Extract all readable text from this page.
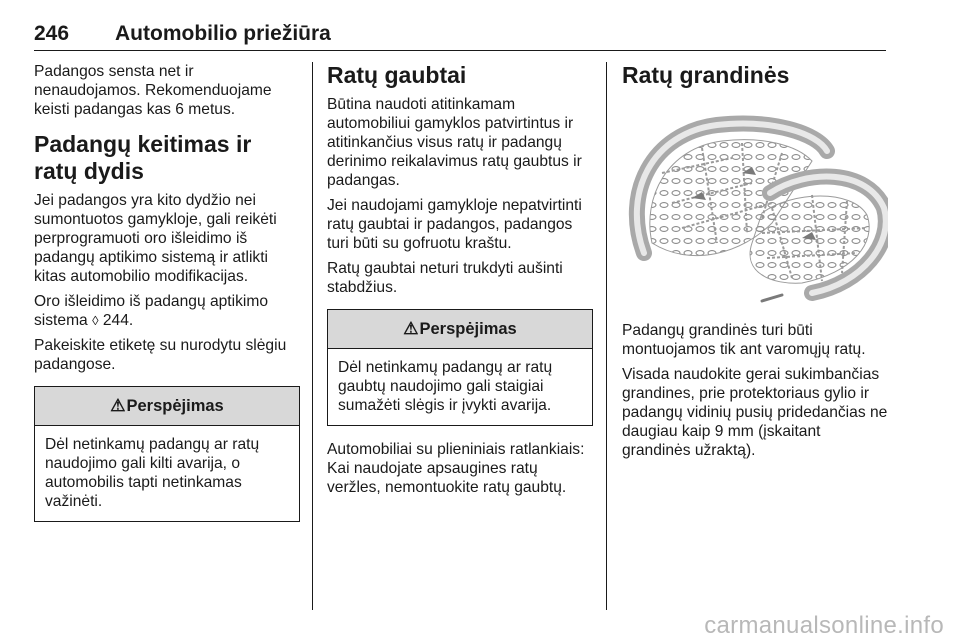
246 Automobilio priežiūra

Padangos sensta net ir nenaudojamos. Rekomenduojame keisti padangas kas 6 metus.

Padangų keitimas ir ratų dydis

Jei padangos yra kito dydžio nei sumontuotos gamykloje, gali reikėti perprogramuoti oro išleidimo iš padangų aptikimo sistemą ir atlikti kitas automobilio modifikacijas.

Oro išleidimo iš padangų aptikimo sistema ◊ 244.

Pakeiskite etiketę su nurodytu slėgiu padangose.

⚠ Perspėjimas
Dėl netinkamų padangų ar ratų naudojimo gali kilti avarija, o automobilis tapti netinkamas važinėti.
Ratų gaubtai

Būtina naudoti atitinkamam automobiliui gamyklos patvirtintus ir atitinkančius visus ratų ir padangų derinimo reikalavimus ratų gaubtus ir padangas.

Jei naudojami gamykloje nepatvirtinti ratų gaubtai ir padangos, padangos turi būti su gofruotu kraštu.

Ratų gaubtai neturi trukdyti aušinti stabdžius.

⚠ Perspėjimas
Dėl netinkamų padangų ar ratų gaubtų naudojimo gali staigiai sumažėti slėgis ir įvykti avarija.

Automobiliai su plieniniais ratlankiais: Kai naudojate apsaugines ratų veržles, nemontuokite ratų gaubtų.

Ratų grandinės

Padangų grandinės turi būti montuojamos tik ant varomųjų ratų.

Visada naudokite gerai sukimbančias grandines, prie protektoriaus gylio ir padangų vidinių pusių pridedančias ne daugiau kaip 9 mm (įskaitant grandinės užraktą).

carmanualsonline.info
